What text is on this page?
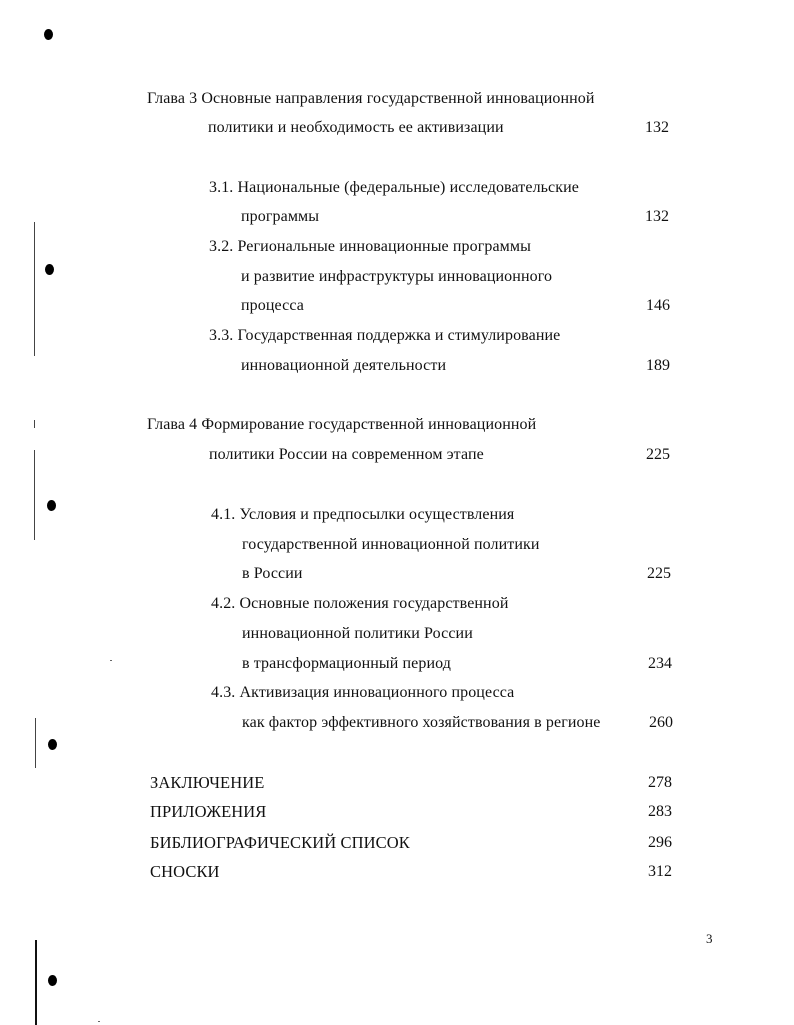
Глава 3 Основные направления государственной инновационной
политики и необходимость ее активизации	132
3.1. Национальные (федеральные) исследовательские
программы	132
3.2. Региональные инновационные программы
и развитие инфраструктуры инновационного
процесса	146
3.3. Государственная поддержка и стимулирование
инновационной деятельности	189
Глава 4 Формирование государственной инновационной
политики России на современном этапе	225
4.1. Условия и предпосылки осуществления
государственной инновационной политики
в России	225
4.2. Основные положения государственной
инновационной политики России
в трансформационный период	234
4.3. Активизация инновационного процесса
как фактор эффективного хозяйствования в регионе	260
ЗАКЛЮЧЕНИЕ	278
ПРИЛОЖЕНИЯ	283
БИБЛИОГРАФИЧЕСКИЙ СПИСОК	296
СНОСКИ	312
3
